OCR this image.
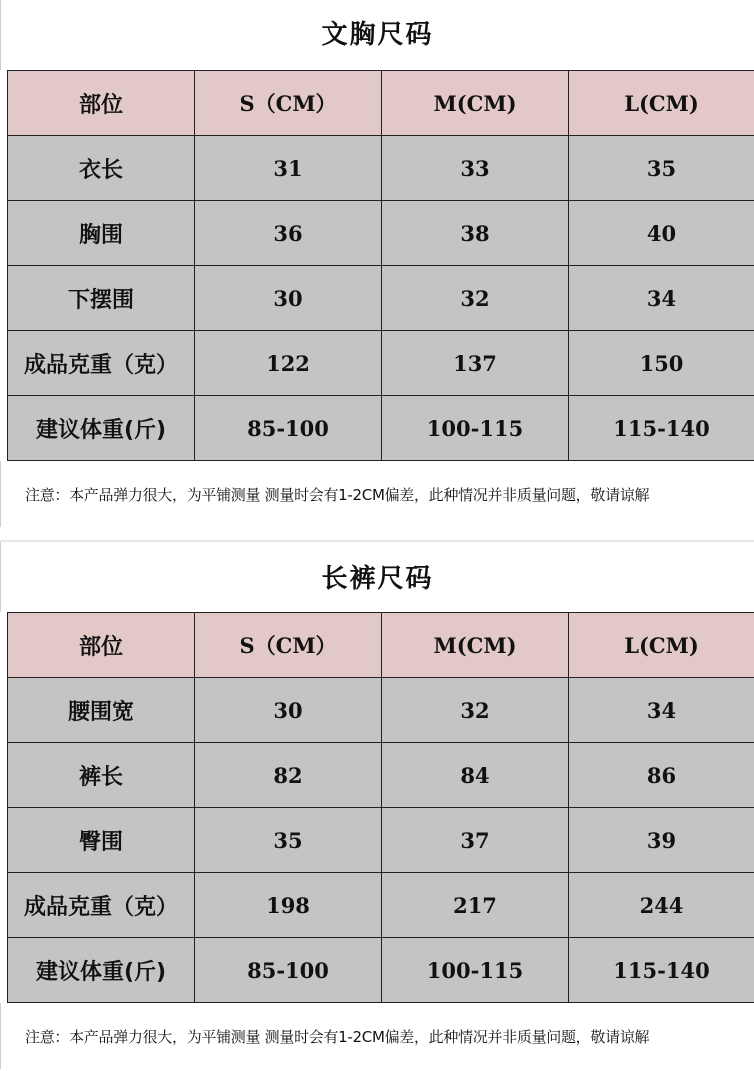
文胸尺码
部位	S（CM）	M(CM)	L(CM)
衣长	31	33	35
胸围	36	38	40
下摆围	30	32	34
成品克重（克）	122	137	150
建议体重(斤)	85-100	100-115	115-140
注意：本产品弹力很大，为平铺测量 测量时会有1-2CM偏差，此种情况并非质量问题，敬请谅解
长裤尺码
部位	S（CM）	M(CM)	L(CM)
腰围宽	30	32	34
裤长	82	84	86
臀围	35	37	39
成品克重（克）	198	217	244
建议体重(斤)	85-100	100-115	115-140
注意：本产品弹力很大，为平铺测量 测量时会有1-2CM偏差，此种情况并非质量问题，敬请谅解
